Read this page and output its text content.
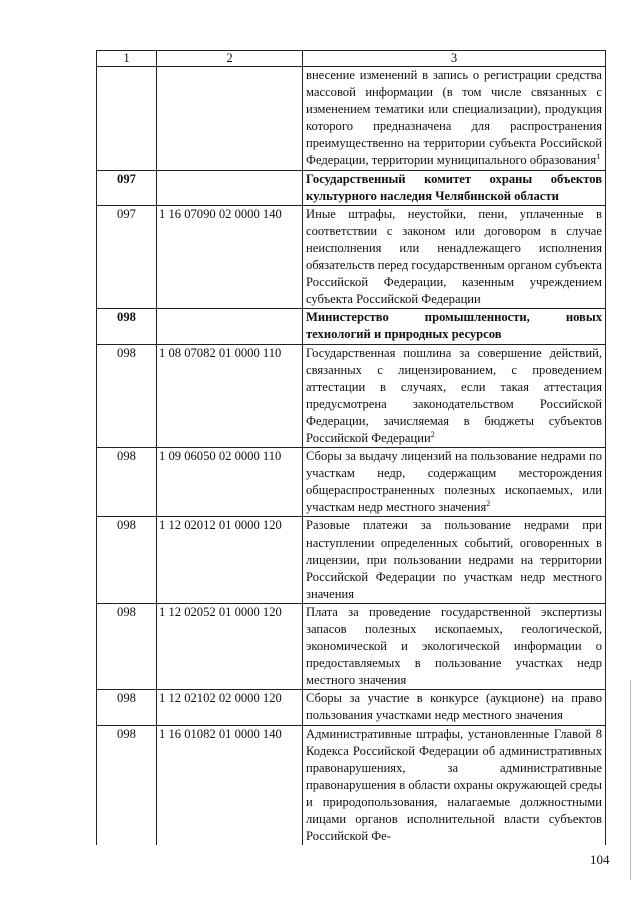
1	2	3
		внесение изменений в запись о регистрации средства массовой информации (в том числе связанных с изменением тематики или специализации), продукция которого предназначена для распространения преимущественно на территории субъекта Российской Федерации, территории муниципального образования$^1$
097		Государственный комитет охраны объектов культурного наследия Челябинской области
097	1 16 07090 02 0000 140	Иные штрафы, неустойки, пени, уплаченные в соответствии с законом или договором в случае неисполнения или ненадлежащего исполнения обязательств перед государственным органом субъекта Российской Федерации, казенным учреждением субъекта Российской Федерации
098		Министерство промышленности, новых технологий и природных ресурсов
098	1 08 07082 01 0000 110	Государственная пошлина за совершение действий, связанных с лицензированием, с проведением аттестации в случаях, если такая аттестация предусмотрена законодательством Российской Федерации, зачисляемая в бюджеты субъектов Российской Федерации$^2$
098	1 09 06050 02 0000 110	Сборы за выдачу лицензий на пользование недрами по участкам недр, содержащим месторождения общераспространенных полезных ископаемых, или участкам недр местного значения$^2$
098	1 12 02012 01 0000 120	Разовые платежи за пользование недрами при наступлении определенных событий, оговоренных в лицензии, при пользовании недрами на территории Российской Федерации по участкам недр местного значения
098	1 12 02052 01 0000 120	Плата за проведение государственной экспертизы запасов полезных ископаемых, геологической, экономической и экологической информации о предоставляемых в пользование участках недр местного значения
098	1 12 02102 02 0000 120	Сборы за участие в конкурсе (аукционе) на право пользования участками недр местного значения
098	1 16 01082 01 0000 140	Административные штрафы, установленные Главой 8 Кодекса Российской Федерации об административных правонарушениях, за административные правонарушения в области охраны окружающей среды и природопользования, налагаемые должностными лицами органов исполнительной власти субъектов Российской Фе-
104
